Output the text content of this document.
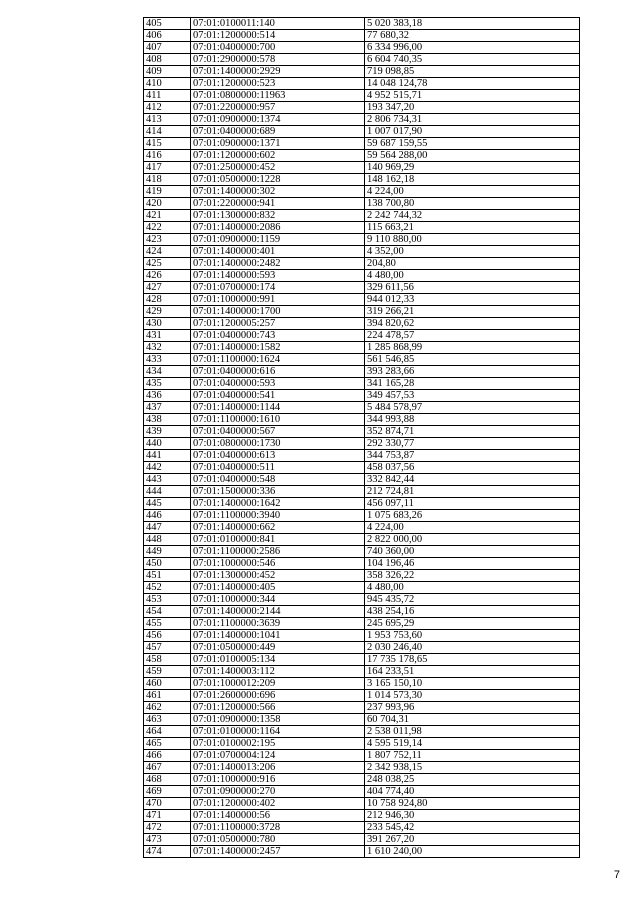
405	07:01:0100011:140	5 020 383,18
406	07:01:1200000:514	77 680,32
407	07:01:0400000:700	6 334 996,00
408	07:01:2900000:578	6 604 740,35
409	07:01:1400000:2929	719 098,85
410	07:01:1200000:523	14 048 124,78
411	07:01:0800000:11963	4 952 515,71
412	07:01:2200000:957	193 347,20
413	07:01:0900000:1374	2 806 734,31
414	07:01:0400000:689	1 007 017,90
415	07:01:0900000:1371	59 687 159,55
416	07:01:1200000:602	59 564 288,00
417	07:01:2500000:452	140 969,29
418	07:01:0500000:1228	148 162,18
419	07:01:1400000:302	4 224,00
420	07:01:2200000:941	138 700,80
421	07:01:1300000:832	2 242 744,32
422	07:01:1400000:2086	115 663,21
423	07:01:0900000:1159	9 110 880,00
424	07:01:1400000:401	4 352,00
425	07:01:1400000:2482	204,80
426	07:01:1400000:593	4 480,00
427	07:01:0700000:174	329 611,56
428	07:01:1000000:991	944 012,33
429	07:01:1400000:1700	319 266,21
430	07:01:1200005:257	394 820,62
431	07:01:0400000:743	224 478,57
432	07:01:1400000:1582	1 285 868,99
433	07:01:1100000:1624	561 546,85
434	07:01:0400000:616	393 283,66
435	07:01:0400000:593	341 165,28
436	07:01:0400000:541	349 457,53
437	07:01:1400000:1144	5 484 578,97
438	07:01:1100000:1610	344 993,88
439	07:01:0400000:567	352 874,71
440	07:01:0800000:1730	292 330,77
441	07:01:0400000:613	344 753,87
442	07:01:0400000:511	458 037,56
443	07:01:0400000:548	332 842,44
444	07:01:1500000:336	212 724,81
445	07:01:1400000:1642	456 097,11
446	07:01:1100000:3940	1 075 683,26
447	07:01:1400000:662	4 224,00
448	07:01:0100000:841	2 822 000,00
449	07:01:1100000:2586	740 360,00
450	07:01:1000000:546	104 196,46
451	07:01:1300000:452	358 326,22
452	07:01:1400000:405	4 480,00
453	07:01:1000000:344	945 435,72
454	07:01:1400000:2144	438 254,16
455	07:01:1100000:3639	245 695,29
456	07:01:1400000:1041	1 953 753,60
457	07:01:0500000:449	2 030 246,40
458	07:01:0100005:134	17 735 178,65
459	07:01:1400003:112	164 233,51
460	07:01:1000012:209	3 165 150,10
461	07:01:2600000:696	1 014 573,30
462	07:01:1200000:566	237 993,96
463	07:01:0900000:1358	60 704,31
464	07:01:0100000:1164	2 538 011,98
465	07:01:0100002:195	4 595 519,14
466	07:01:0700004:124	1 807 752,11
467	07:01:1400013:206	2 342 938,15
468	07:01:1000000:916	248 038,25
469	07:01:0900000:270	404 774,40
470	07:01:1200000:402	10 758 924,80
471	07:01:1400000:56	212 946,30
472	07:01:1100000:3728	233 545,42
473	07:01:0500000:780	391 267,20
474	07:01:1400000:2457	1 610 240,00
7
